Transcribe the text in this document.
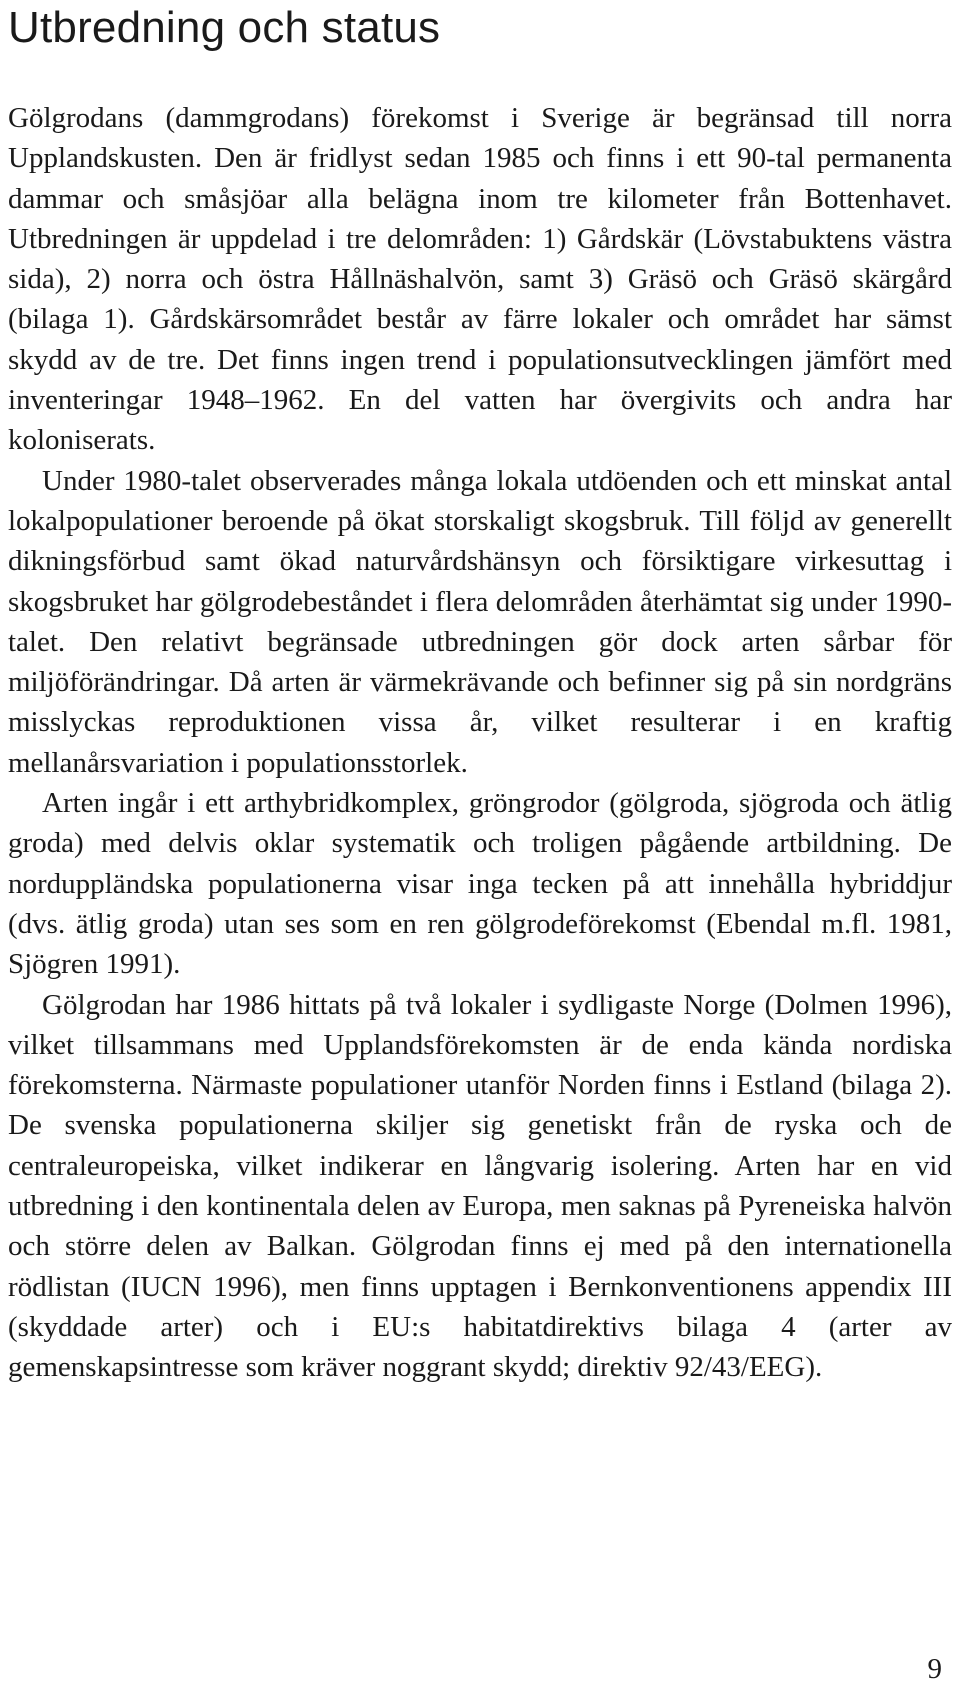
Utbredning och status

Gölgrodans (dammgrodans) förekomst i Sverige är begränsad till norra Upplandskusten. Den är fridlyst sedan 1985 och finns i ett 90-tal permanenta dammar och småsjöar alla belägna inom tre kilometer från Bottenhavet. Utbredningen är uppdelad i tre delområden: 1) Gårdskär (Lövstabuktens västra sida), 2) norra och östra Hållnäshalvön, samt 3) Gräsö och Gräsö skärgård (bilaga 1). Gårdskärsområdet består av färre lokaler och området har sämst skydd av de tre. Det finns ingen trend i populationsutvecklingen jämfört med inventeringar 1948–1962. En del vatten har övergivits och andra har koloniserats.

Under 1980-talet observerades många lokala utdöenden och ett minskat antal lokalpopulationer beroende på ökat storskaligt skogsbruk. Till följd av generellt dikningsförbud samt ökad naturvårdshänsyn och försiktigare virkesuttag i skogsbruket har gölgrodebeståndet i flera delområden återhämtat sig under 1990-talet. Den relativt begränsade utbredningen gör dock arten sårbar för miljöförändringar. Då arten är värmekrävande och befinner sig på sin nordgräns misslyckas reproduktionen vissa år, vilket resulterar i en kraftig mellanårsvariation i populationsstorlek.

Arten ingår i ett arthybridkomplex, gröngrodor (gölgroda, sjögroda och ätlig groda) med delvis oklar systematik och troligen pågående artbildning. De norduppländska populationerna visar inga tecken på att innehålla hybriddjur (dvs. ätlig groda) utan ses som en ren gölgrodeförekomst (Ebendal m.fl. 1981, Sjögren 1991).

Gölgrodan har 1986 hittats på två lokaler i sydligaste Norge (Dolmen 1996), vilket tillsammans med Upplandsförekomsten är de enda kända nordiska förekomsterna. Närmaste populationer utanför Norden finns i Estland (bilaga 2). De svenska populationerna skiljer sig genetiskt från de ryska och de centraleuropeiska, vilket indikerar en långvarig isolering. Arten har en vid utbredning i den kontinentala delen av Europa, men saknas på Pyreneiska halvön och större delen av Balkan. Gölgrodan finns ej med på den internationella rödlistan (IUCN 1996), men finns upptagen i Bernkonventionens appendix III (skyddade arter) och i EU:s habitatdirektivs bilaga 4 (arter av gemenskapsintresse som kräver noggrant skydd; direktiv 92/43/EEG).

9
